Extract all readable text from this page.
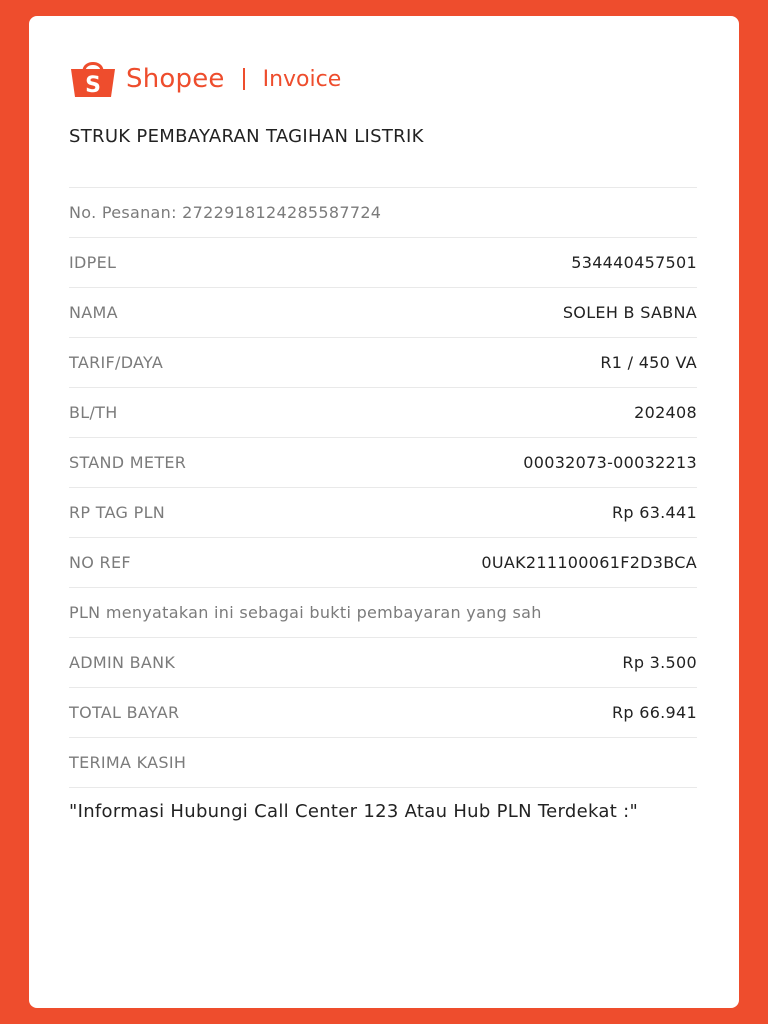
S Shopee Invoice
STRUK PEMBAYARAN TAGIHAN LISTRIK
No. Pesanan: 2722918124285587724
IDPEL	534440457501
NAMA	SOLEH B SABNA
TARIF/DAYA	R1 / 450 VA
BL/TH	202408
STAND METER	00032073-00032213
RP TAG PLN	Rp 63.441
NO REF	0UAK211100061F2D3BCA
PLN menyatakan ini sebagai bukti pembayaran yang sah
ADMIN BANK	Rp 3.500
TOTAL BAYAR	Rp 66.941
TERIMA KASIH
"Informasi Hubungi Call Center 123 Atau Hub PLN Terdekat :"
